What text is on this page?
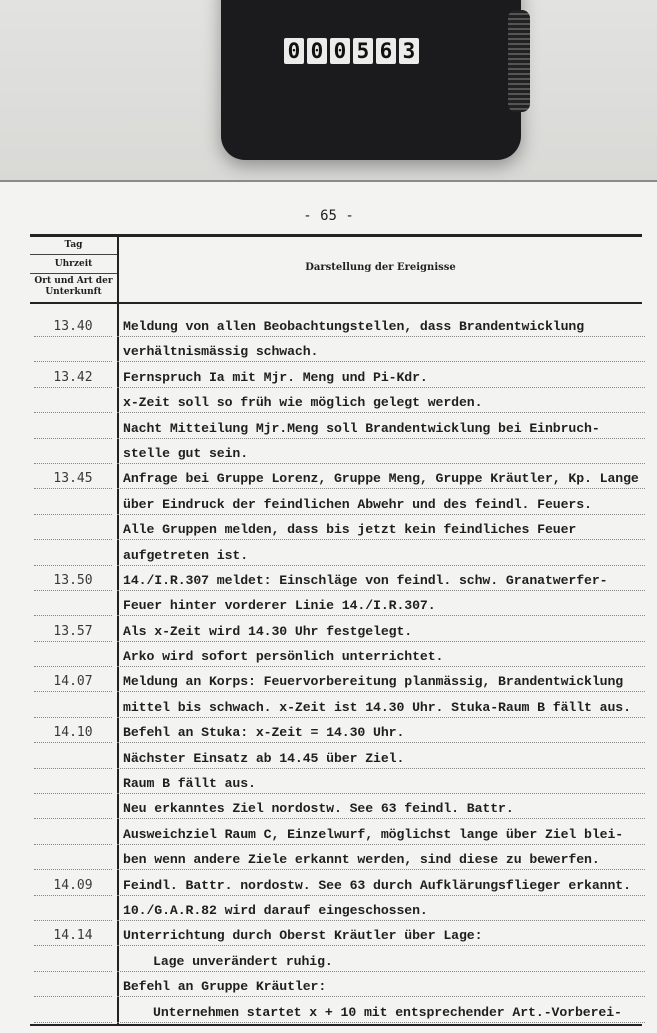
0 0 0 5 6 3
- 65 -
Tag
Uhrzeit
Ort und Art der Unterkunft
Darstellung der Ereignisse
13.40	Meldung von allen Beobachtungstellen, dass Brandentwicklung
verhältnismässig schwach.
13.42	Fernspruch Ia mit Mjr. Meng und Pi-Kdr.
x-Zeit soll so früh wie möglich gelegt werden.
Nacht Mitteilung Mjr.Meng soll Brandentwicklung bei Einbruch-
stelle gut sein.
13.45	Anfrage bei Gruppe Lorenz, Gruppe Meng, Gruppe Kräutler, Kp. Lange
über Eindruck der feindlichen Abwehr und des feindl. Feuers.
Alle Gruppen melden, dass bis jetzt kein feindliches Feuer
aufgetreten ist.
13.50	14./I.R.307 meldet: Einschläge von feindl. schw. Granatwerfer-
Feuer hinter vorderer Linie 14./I.R.307.
13.57	Als x-Zeit wird 14.30 Uhr festgelegt.
Arko wird sofort persönlich unterrichtet.
14.07	Meldung an Korps: Feuervorbereitung planmässig, Brandentwicklung
mittel bis schwach. x-Zeit ist 14.30 Uhr. Stuka-Raum B fällt aus.
14.10	Befehl an Stuka: x-Zeit = 14.30 Uhr.
Nächster Einsatz ab 14.45 über Ziel.
Raum B fällt aus.
Neu erkanntes Ziel nordostw. See 63 feindl. Battr.
Ausweichziel Raum C, Einzelwurf, möglichst lange über Ziel blei-
ben wenn andere Ziele erkannt werden, sind diese zu bewerfen.
14.09	Feindl. Battr. nordostw. See 63 durch Aufklärungsflieger erkannt.
10./G.A.R.82 wird darauf eingeschossen.
14.14	Unterrichtung durch Oberst Kräutler über Lage:
Lage unverändert ruhig.
Befehl an Gruppe Kräutler:
Unternehmen startet x + 10 mit entsprechender Art.-Vorberei-
